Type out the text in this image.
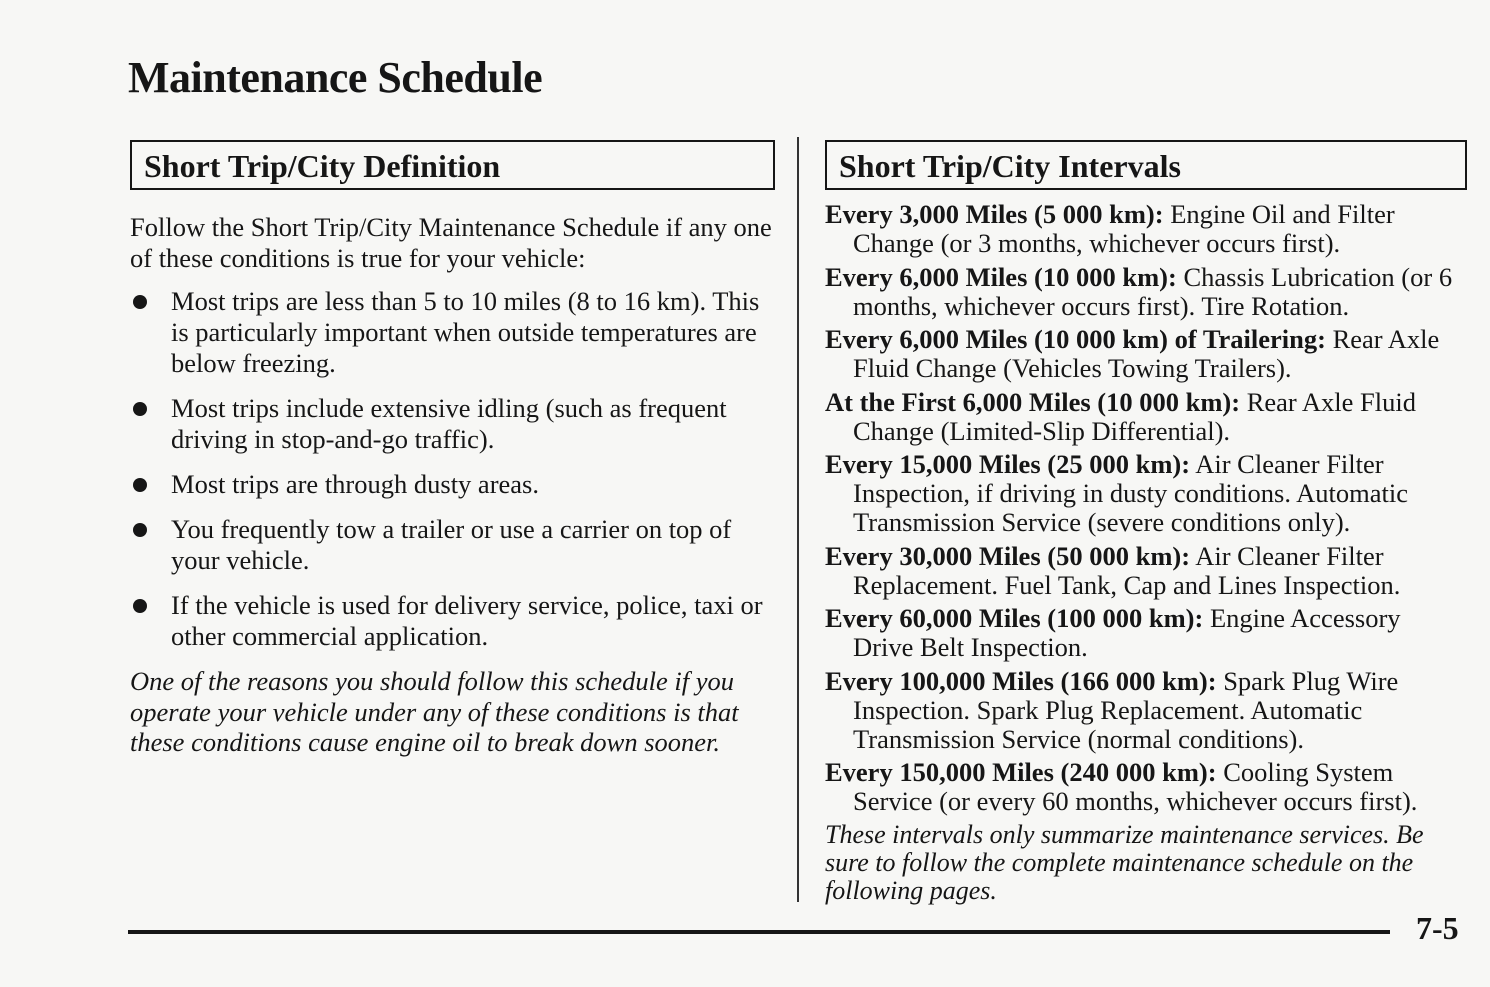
Maintenance Schedule
Short Trip/City Definition

Follow the Short Trip/City Maintenance Schedule if any one of these conditions is true for your vehicle:

Most trips are less than 5 to 10 miles (8 to 16 km). This is particularly important when outside temperatures are below freezing.
Most trips include extensive idling (such as frequent driving in stop-and-go traffic).
Most trips are through dusty areas.
You frequently tow a trailer or use a carrier on top of your vehicle.
If the vehicle is used for delivery service, police, taxi or other commercial application.

One of the reasons you should follow this schedule if you operate your vehicle under any of these conditions is that these conditions cause engine oil to break down sooner.

Short Trip/City Intervals
Every 3,000 Miles (5 000 km): Engine Oil and Filter Change (or 3 months, whichever occurs first).
Every 6,000 Miles (10 000 km): Chassis Lubrication (or 6 months, whichever occurs first). Tire Rotation.
Every 6,000 Miles (10 000 km) of Trailering: Rear Axle Fluid Change (Vehicles Towing Trailers).
At the First 6,000 Miles (10 000 km): Rear Axle Fluid Change (Limited-Slip Differential).
Every 15,000 Miles (25 000 km): Air Cleaner Filter Inspection, if driving in dusty conditions. Automatic Transmission Service (severe conditions only).
Every 30,000 Miles (50 000 km): Air Cleaner Filter Replacement. Fuel Tank, Cap and Lines Inspection.
Every 60,000 Miles (100 000 km): Engine Accessory Drive Belt Inspection.
Every 100,000 Miles (166 000 km): Spark Plug Wire Inspection. Spark Plug Replacement. Automatic Transmission Service (normal conditions).
Every 150,000 Miles (240 000 km): Cooling System Service (or every 60 months, whichever occurs first).

These intervals only summarize maintenance services. Be sure to follow the complete maintenance schedule on the following pages.

7-5
